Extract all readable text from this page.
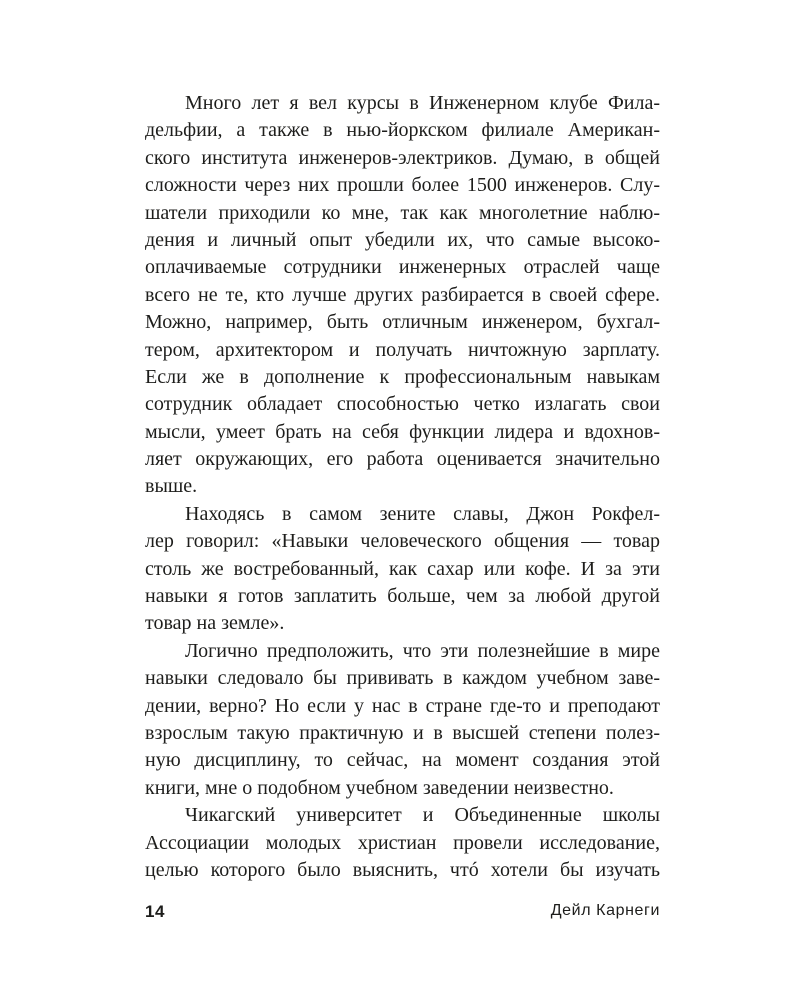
Много лет я вел курсы в Инженерном клубе Фила-
дельфии, а также в нью-йоркском филиале Американ-
ского института инженеров-электриков. Думаю, в общей
сложности через них прошли более 1500 инженеров. Слу-
шатели приходили ко мне, так как многолетние наблю-
дения и личный опыт убедили их, что самые высоко-
оплачиваемые сотрудники инженерных отраслей чаще
всего не те, кто лучше других разбирается в своей сфере.
Можно, например, быть отличным инженером, бухгал-
тером, архитектором и получать ничтожную зарплату.
Если же в дополнение к профессиональным навыкам
сотрудник обладает способностью четко излагать свои
мысли, умеет брать на себя функции лидера и вдохнов-
ляет окружающих, его работа оценивается значительно
выше.
Находясь в самом зените славы, Джон Рокфел-
лер говорил: «Навыки человеческого общения — товар
столь же востребованный, как сахар или кофе. И за эти
навыки я готов заплатить больше, чем за любой другой
товар на земле».
Логично предположить, что эти полезнейшие в мире
навыки следовало бы прививать в каждом учебном заве-
дении, верно? Но если у нас в стране где-то и преподают
взрослым такую практичную и в высшей степени полез-
ную дисциплину, то сейчас, на момент создания этой
книги, мне о подобном учебном заведении неизвестно.
Чикагский университет и Объединенные школы
Ассоциации молодых христиан провели исследование,
целью которого было выяснить, чтó хотели бы изучать
14	Дейл Карнеги
